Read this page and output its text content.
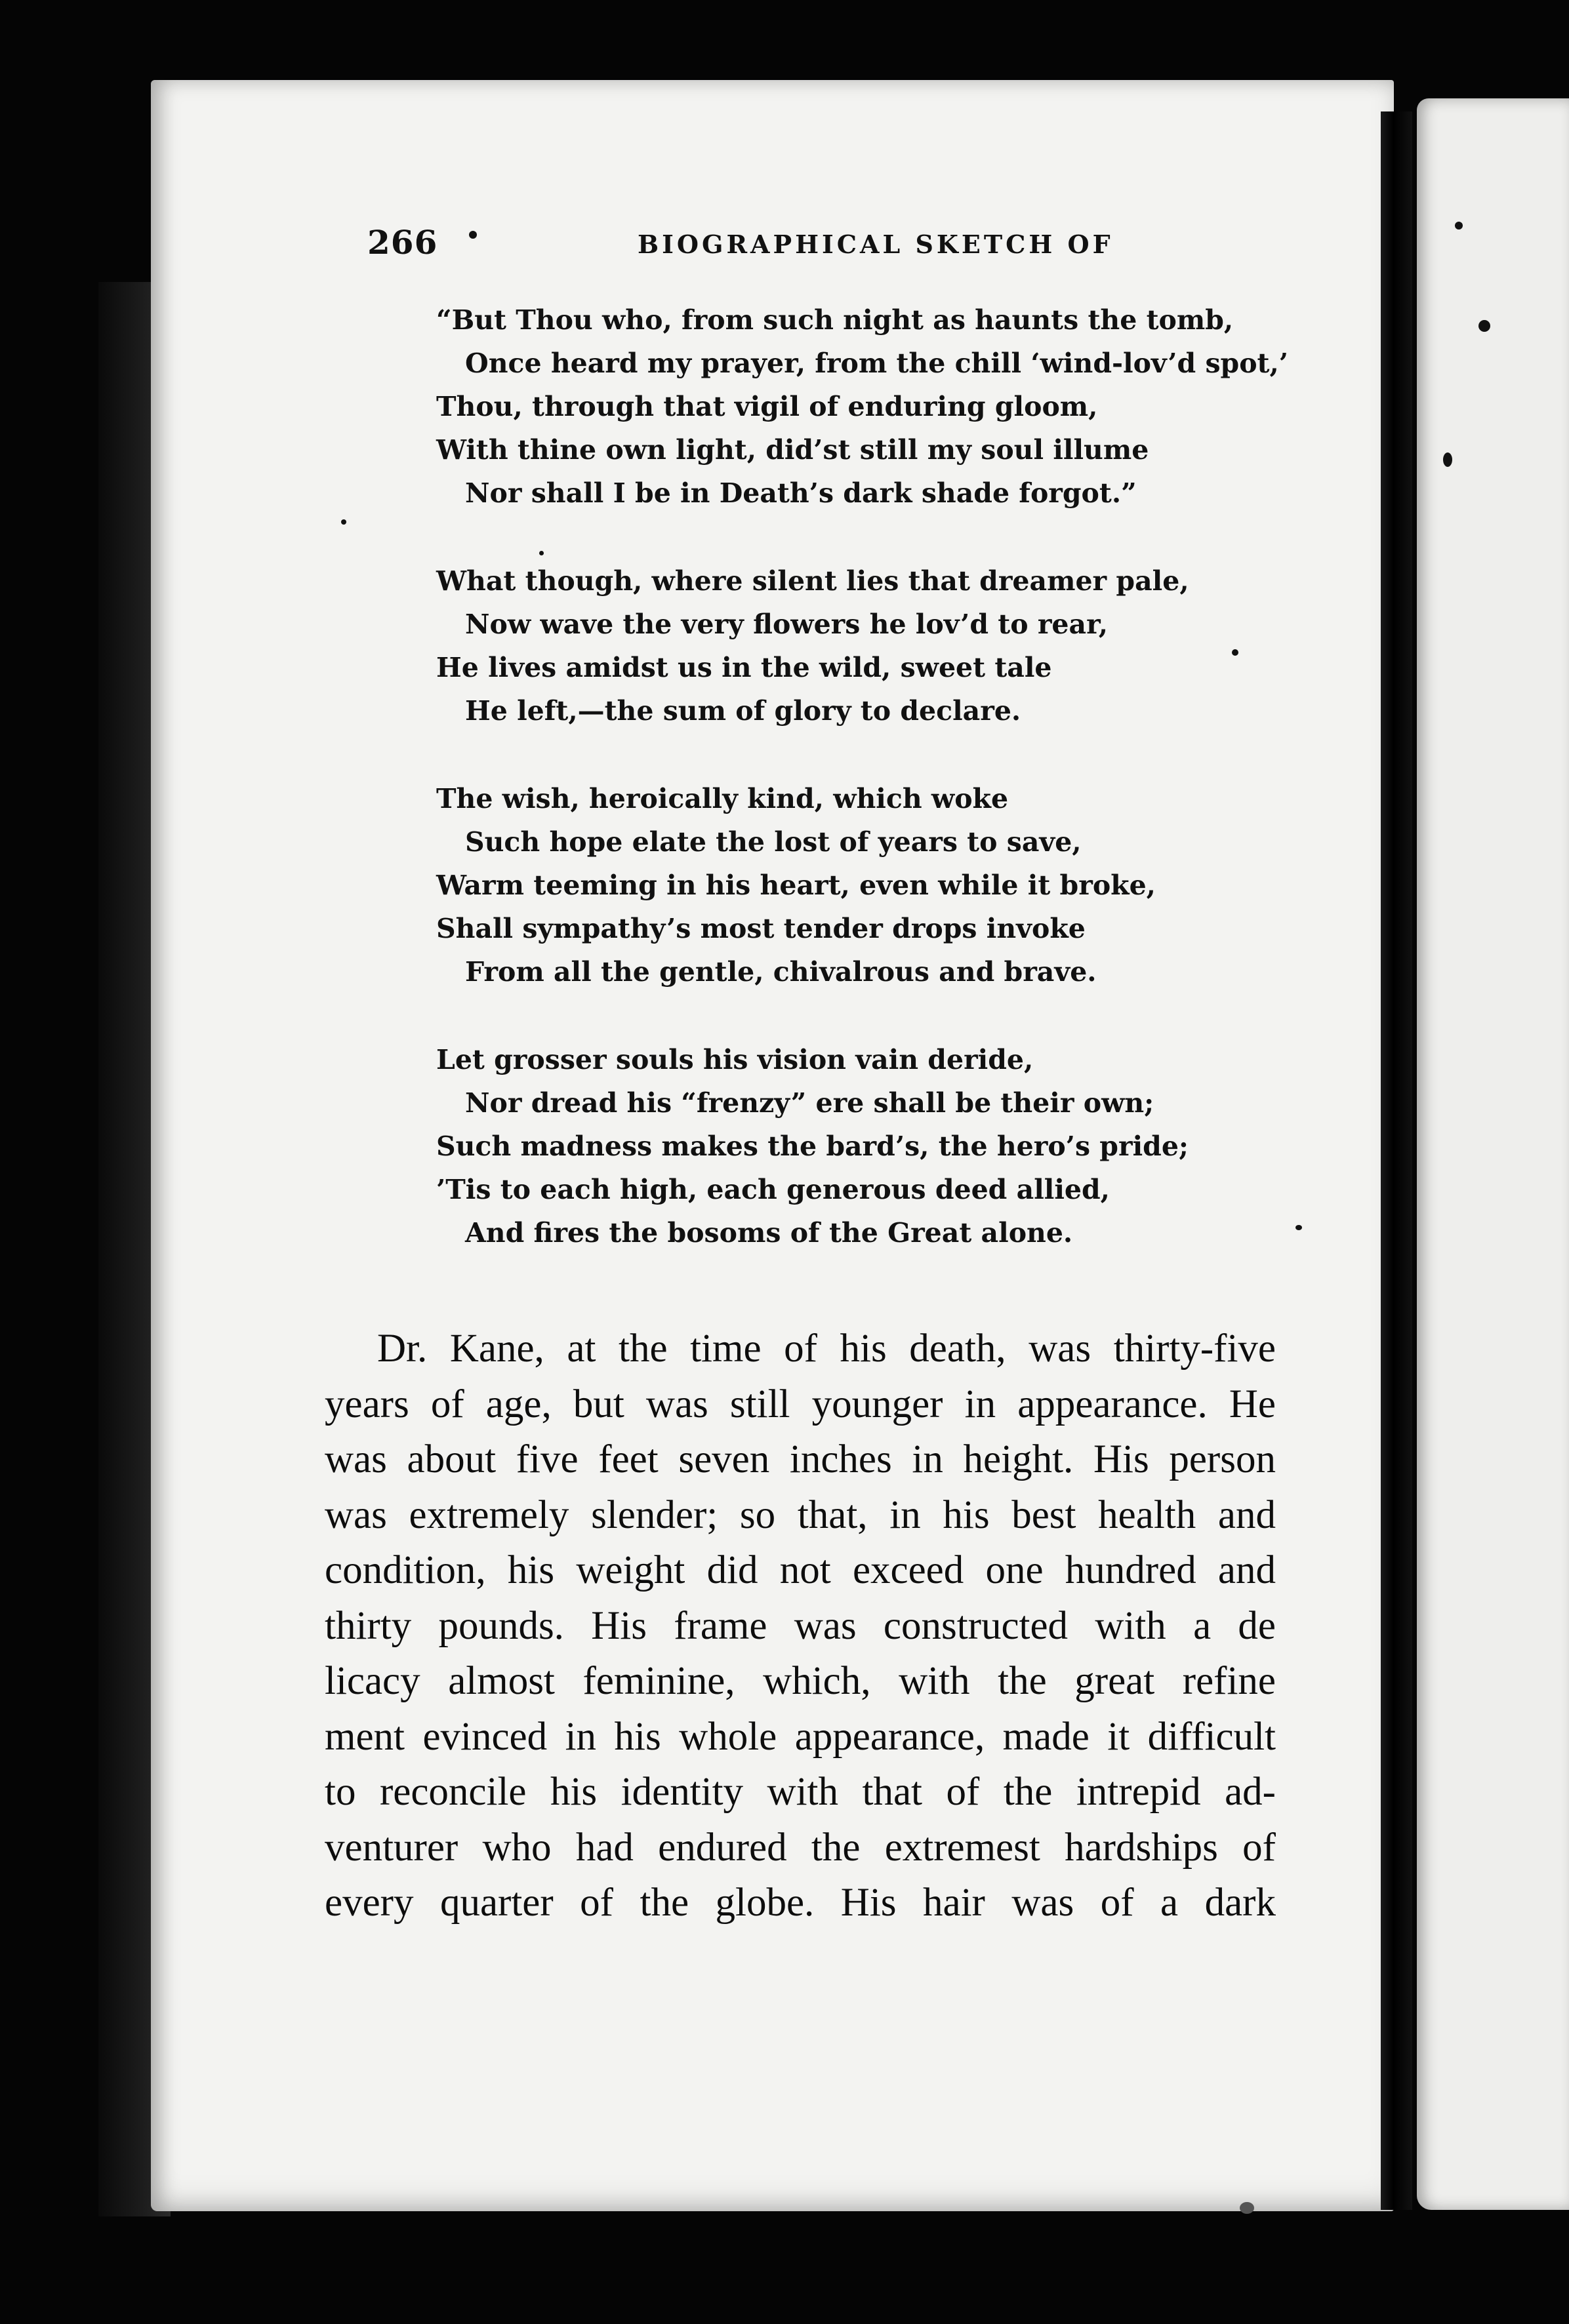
266	BIOGRAPHICAL SKETCH OF
“But Thou who, from such night as haunts the tomb,
Once heard my prayer, from the chill ‘wind-lov’d spot,’
Thou, through that vigil of enduring gloom,
With thine own light, did’st still my soul illume
Nor shall I be in Death’s dark shade forgot.”
What though, where silent lies that dreamer pale,
Now wave the very flowers he lov’d to rear,
He lives amidst us in the wild, sweet tale
He left,—the sum of glory to declare.
The wish, heroically kind, which woke
Such hope elate the lost of years to save,
Warm teeming in his heart, even while it broke,
Shall sympathy’s most tender drops invoke
From all the gentle, chivalrous and brave.
Let grosser souls his vision vain deride,
Nor dread his “frenzy” ere shall be their own;
Such madness makes the bard’s, the hero’s pride;
’Tis to each high, each generous deed allied,
And fires the bosoms of the Great alone.
Dr. Kane, at the time of his death, was thirty-five
years of age, but was still younger in appearance. He
was about five feet seven inches in height. His person
was extremely slender; so that, in his best health and
condition, his weight did not exceed one hundred and
thirty pounds. His frame was constructed with a de
licacy almost feminine, which, with the great refine
ment evinced in his whole appearance, made it difficult
to reconcile his identity with that of the intrepid ad-
venturer who had endured the extremest hardships of
every quarter of the globe. His hair was of a dark
